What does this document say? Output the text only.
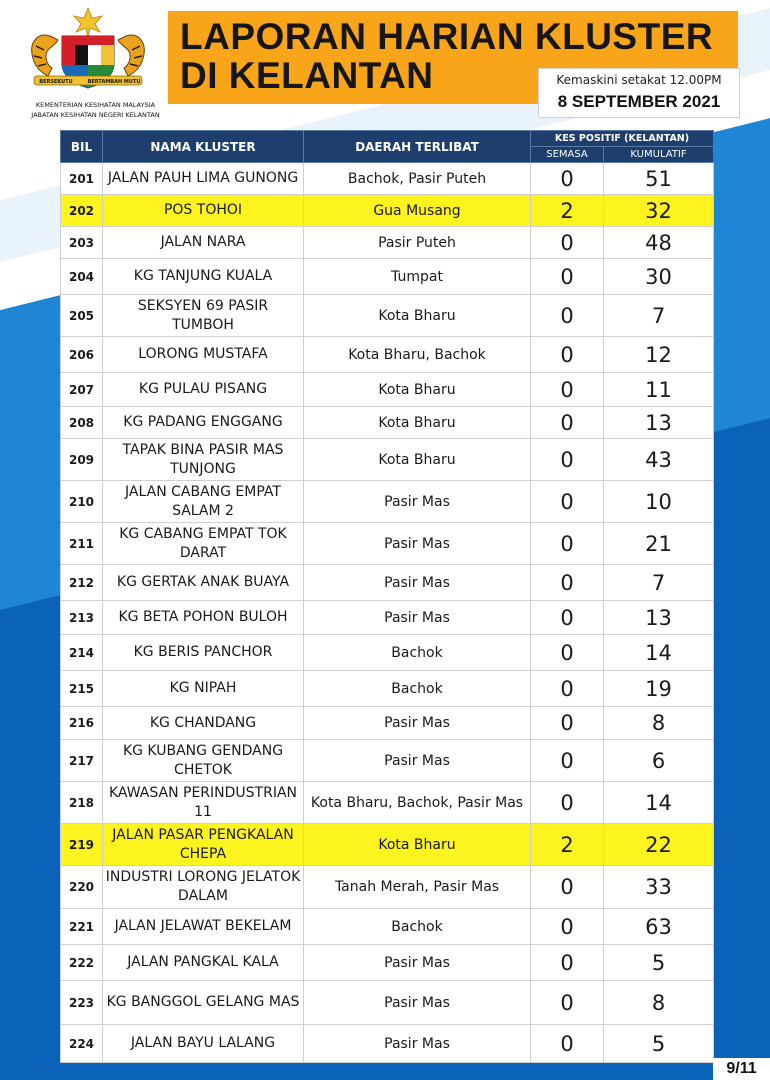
BERSEKUTU	BERTAMBAH MUTU
KEMENTERIAN KESIHATAN MALAYSIA
JABATAN KESIHATAN NEGERI KELANTAN
LAPORAN HARIAN KLUSTER
DI KELANTAN	Kemaskini setakat 12.00PM
8 SEPTEMBER 2021
BIL	NAMA KLUSTER	DAERAH TERLIBAT	KES POSITIF (KELANTAN)	
			SEMASA	KUMULATIF
201	JALAN PAUH LIMA GUNONG	Bachok, Pasir Puteh	0	51
202	POS TOHOI	Gua Musang	2	32
203	JALAN NARA	Pasir Puteh	0	48
204	KG TANJUNG KUALA	Tumpat	0	30
205	SEKSYEN 69 PASIR TUMBOH	Kota Bharu	0	7
206	LORONG MUSTAFA	Kota Bharu, Bachok	0	12
207	KG PULAU PISANG	Kota Bharu	0	11
208	KG PADANG ENGGANG	Kota Bharu	0	13
209	TAPAK BINA PASIR MAS TUNJONG	Kota Bharu	0	43
210	JALAN CABANG EMPAT SALAM 2	Pasir Mas	0	10
211	KG CABANG EMPAT TOK DARAT	Pasir Mas	0	21
212	KG GERTAK ANAK BUAYA	Pasir Mas	0	7
213	KG BETA POHON BULOH	Pasir Mas	0	13
214	KG BERIS PANCHOR	Bachok	0	14
215	KG NIPAH	Bachok	0	19
216	KG CHANDANG	Pasir Mas	0	8
217	KG KUBANG GENDANG CHETOK	Pasir Mas	0	6
218	KAWASAN PERINDUSTRIAN 11	Kota Bharu, Bachok, Pasir Mas	0	14
219	JALAN PASAR PENGKALAN CHEPA	Kota Bharu	2	22
220	INDUSTRI LORONG JELATOK DALAM	Tanah Merah, Pasir Mas	0	33
221	JALAN JELAWAT BEKELAM	Bachok	0	63
222	JALAN PANGKAL KALA	Pasir Mas	0	5
223	KG BANGGOL GELANG MAS	Pasir Mas	0	8
224	JALAN BAYU LALANG	Pasir Mas	0	5
9/11
